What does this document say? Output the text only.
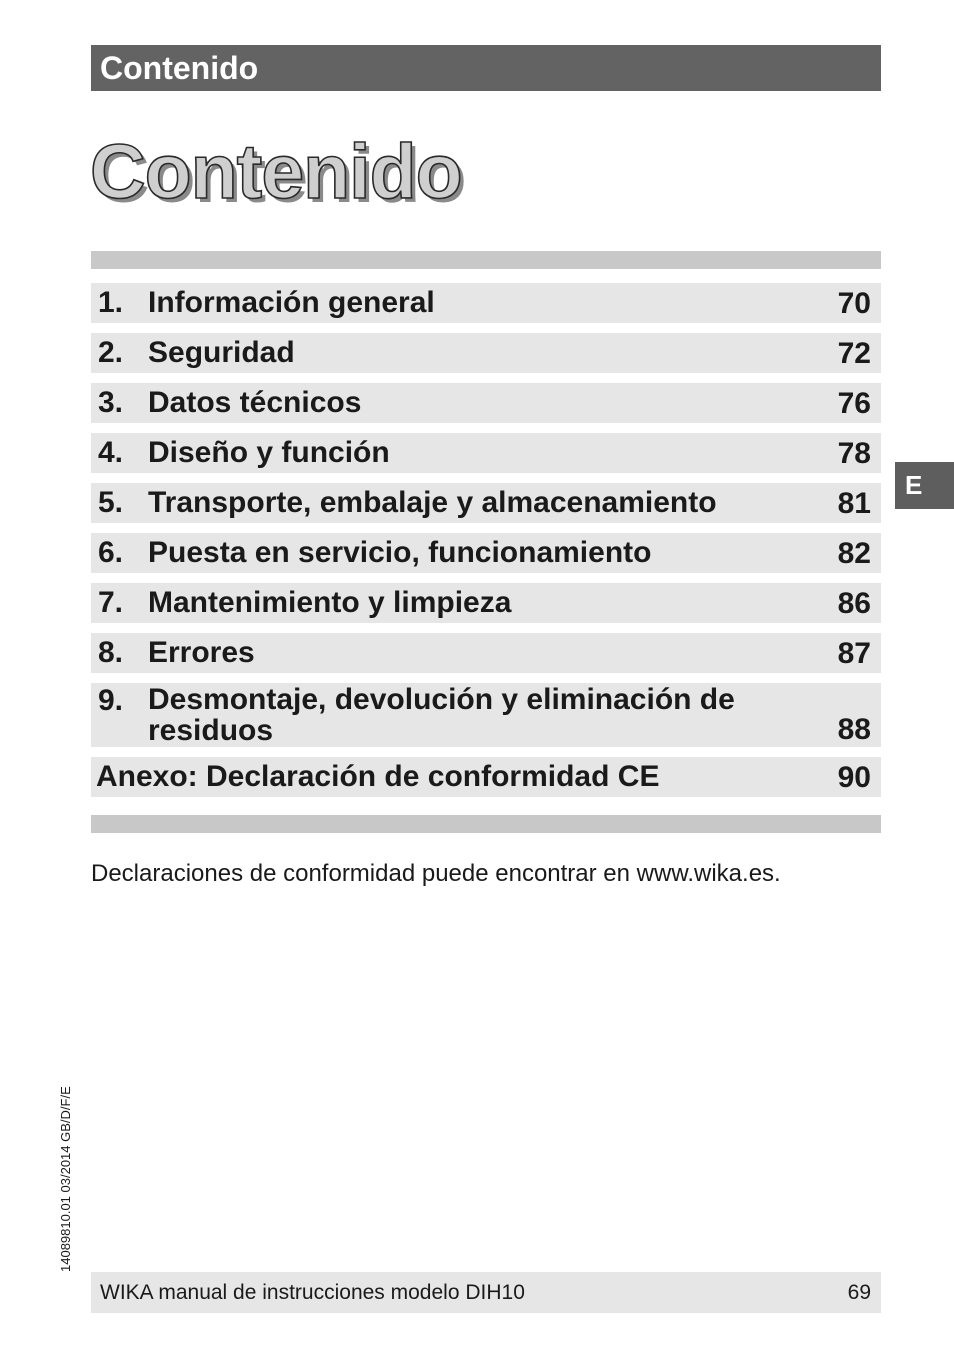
Contenido
Contenido
1. Información general	70
2. Seguridad	72
3. Datos técnicos	76
4. Diseño y función	78
5. Transporte, embalaje y almacenamiento	81
6. Puesta en servicio, funcionamiento	82
7. Mantenimiento y limpieza	86
8. Errores	87
9. Desmontaje, devolución y eliminación de residuos	88
Anexo: Declaración de conformidad CE	90
Declaraciones de conformidad puede encontrar en www.wika.es.
E
14089810.01 03/2014 GB/D/F/E
WIKA manual de instrucciones modelo DIH10	69
